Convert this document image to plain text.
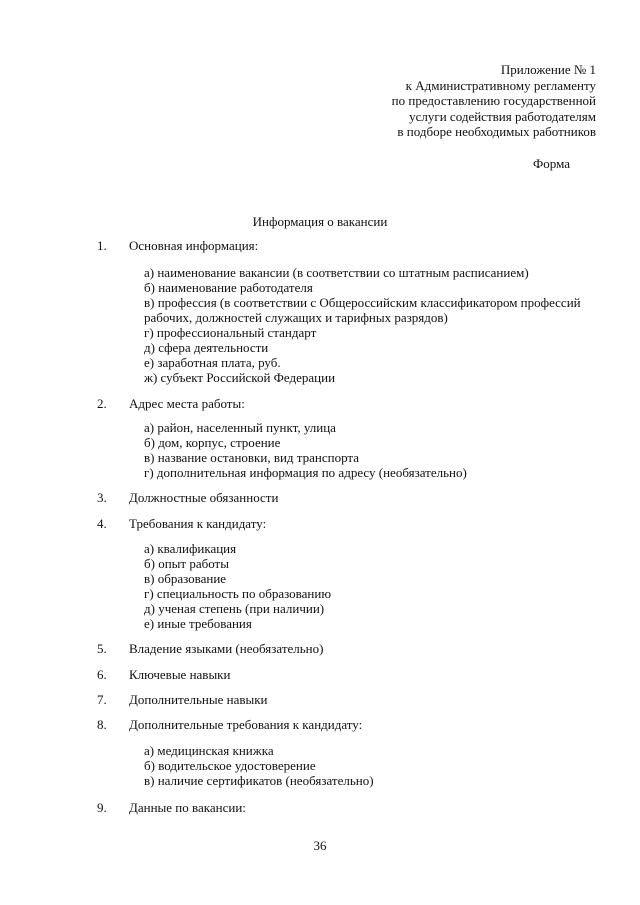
Приложение № 1
к Административному регламенту
по предоставлению государственной
услуги содействия работодателям
в подборе необходимых работников
Форма
Информация о вакансии
1. Основная информация:
а) наименование вакансии (в соответствии со штатным расписанием)
б) наименование работодателя
в) профессия (в соответствии с Общероссийским классификатором профессий
рабочих, должностей служащих и тарифных разрядов)
г) профессиональный стандарт
д) сфера деятельности
е) заработная плата, руб.
ж) субъект Российской Федерации
2. Адрес места работы:
а) район, населенный пункт, улица
б) дом, корпус, строение
в) название остановки, вид транспорта
г) дополнительная информация по адресу (необязательно)
3. Должностные обязанности
4. Требования к кандидату:
а) квалификация
б) опыт работы
в) образование
г) специальность по образованию
д) ученая степень (при наличии)
е) иные требования
5. Владение языками (необязательно)
6. Ключевые навыки
7. Дополнительные навыки
8. Дополнительные требования к кандидату:
а) медицинская книжка
б) водительское удостоверение
в) наличие сертификатов (необязательно)
9. Данные по вакансии:
36
